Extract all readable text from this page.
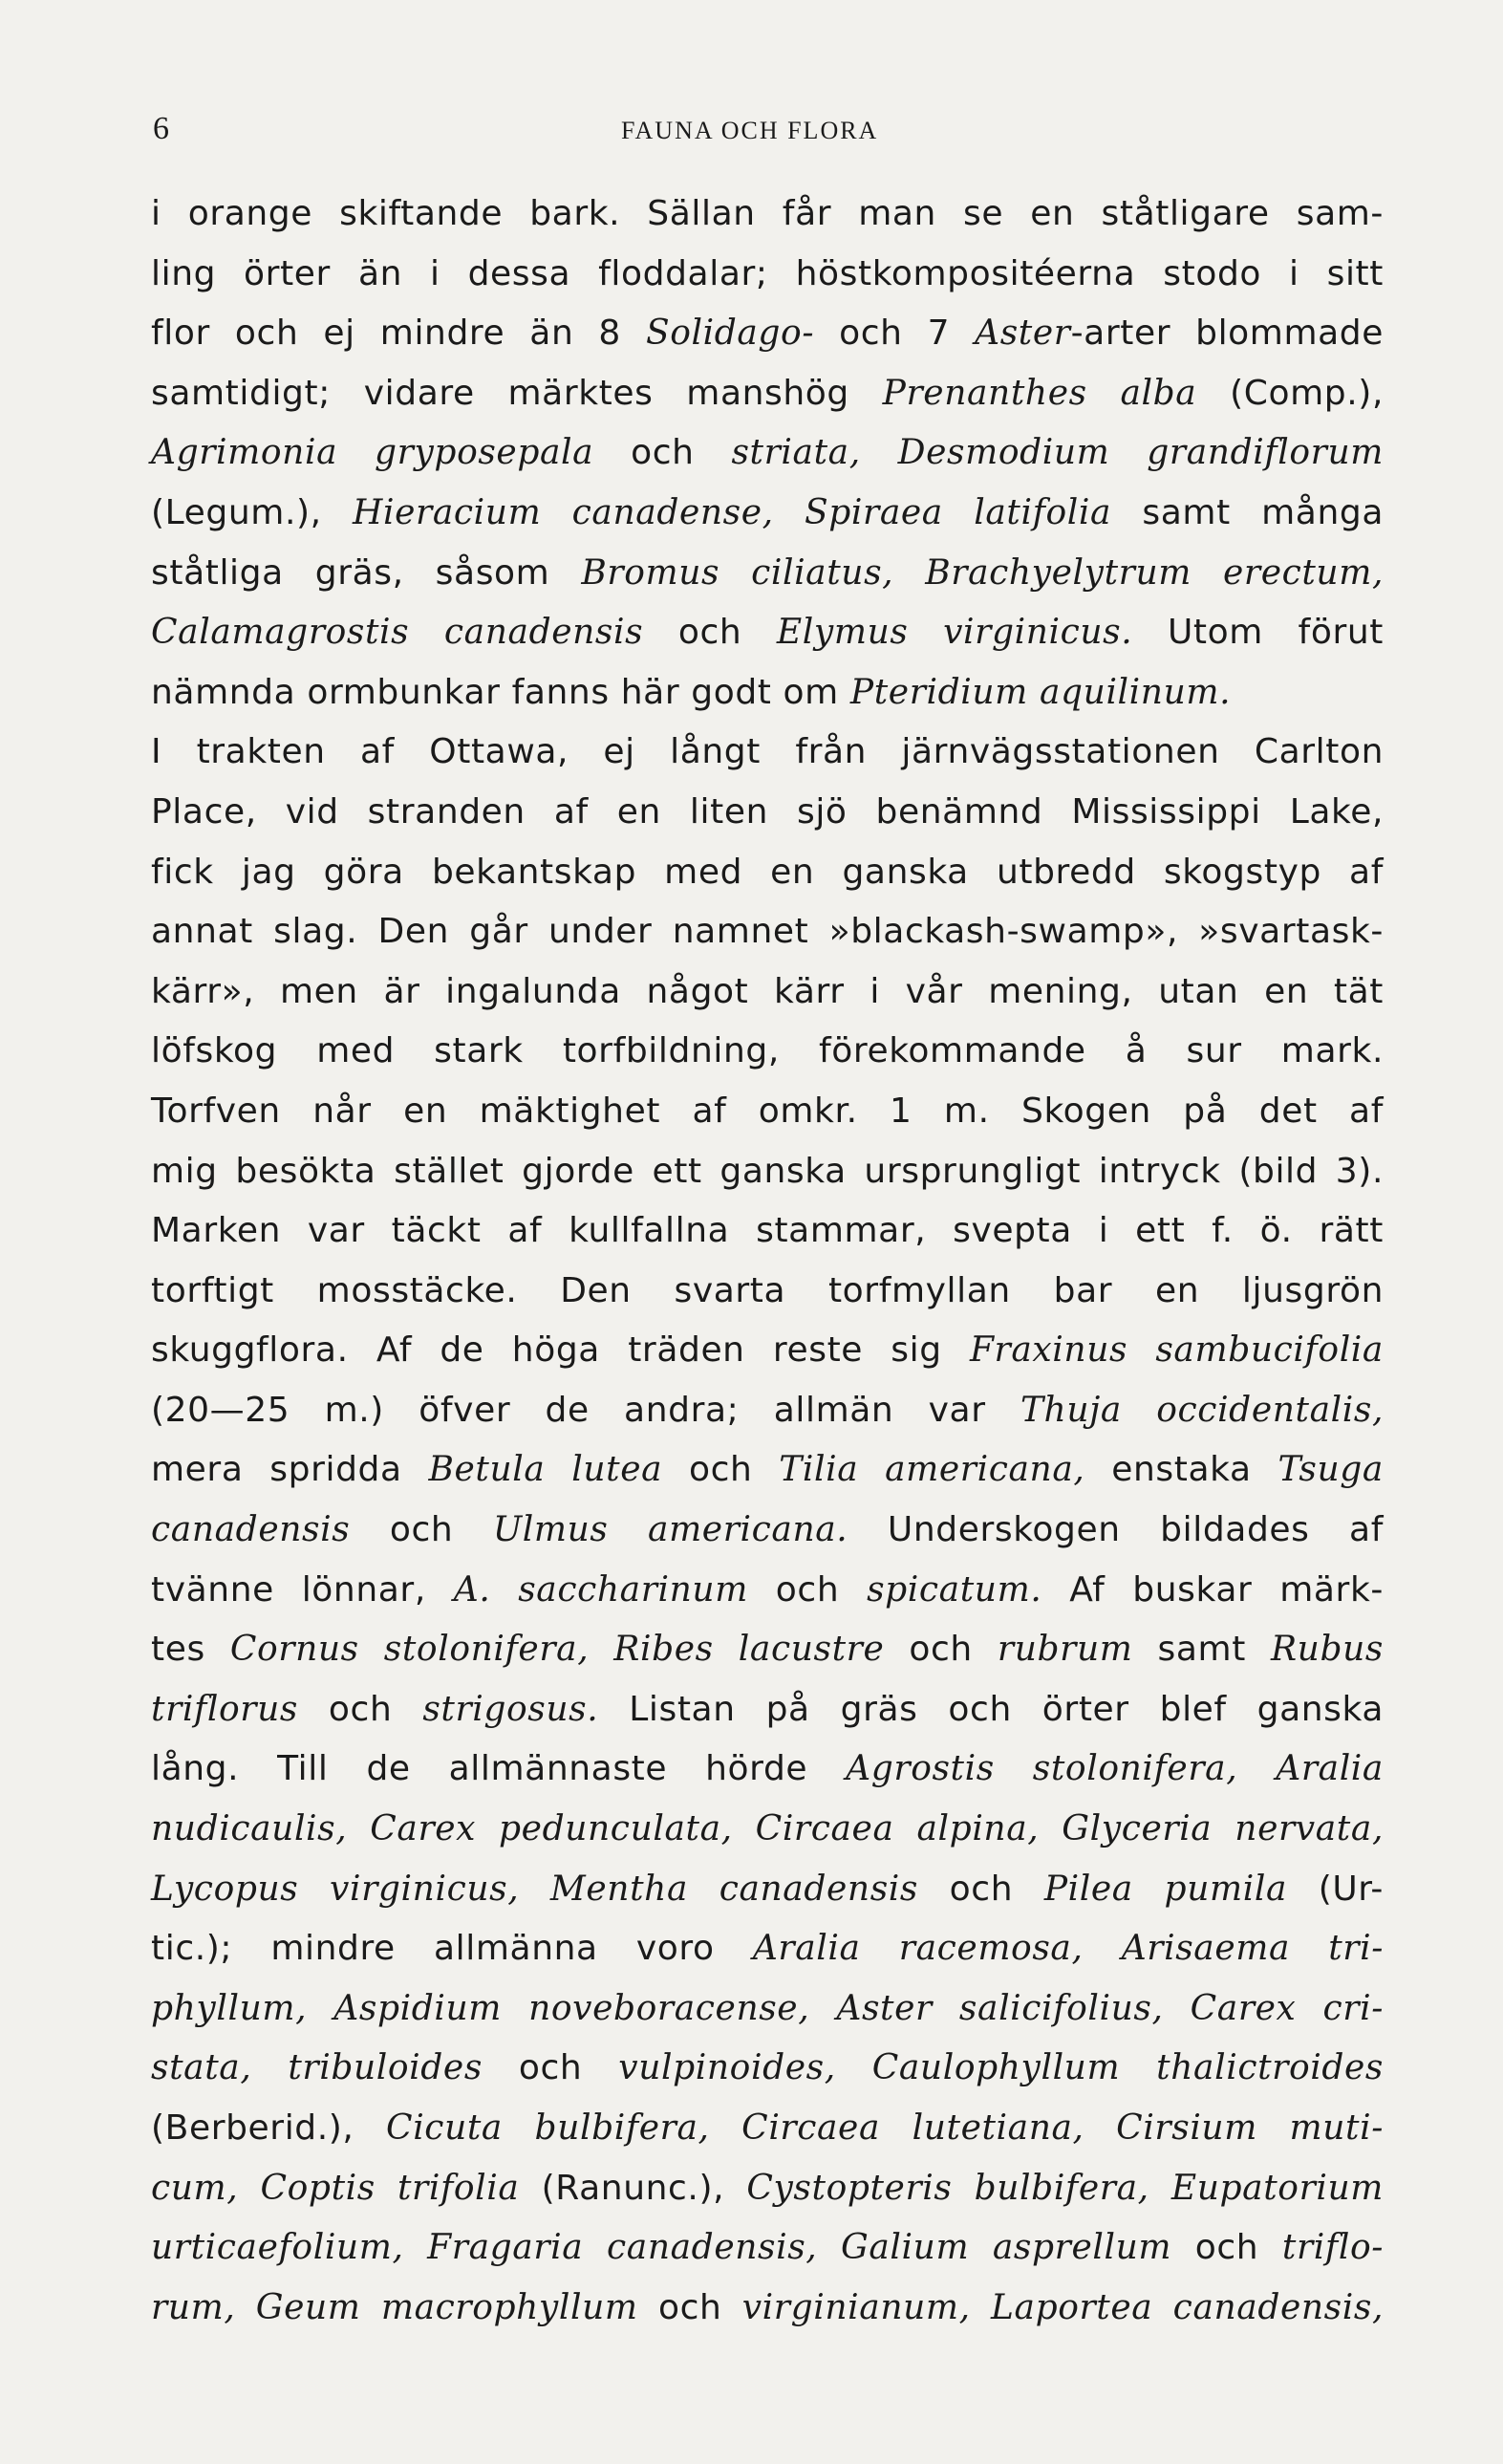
6	FAUNA OCH FLORA
i orange skiftande bark. Sällan får man se en ståtligare sam-
ling örter än i dessa floddalar; höstkompositéerna stodo i sitt
flor och ej mindre än 8 Solidago- och 7 Aster-arter blommade
samtidigt; vidare märktes manshög Prenanthes alba (Comp.),
Agrimonia gryposepala och striata, Desmodium grandiflorum
(Legum.), Hieracium canadense, Spiraea latifolia samt många
ståtliga gräs, såsom Bromus ciliatus, Brachyelytrum erectum,
Calamagrostis canadensis och Elymus virginicus. Utom förut
nämnda ormbunkar fanns här godt om Pteridium aquilinum.
I trakten af Ottawa, ej långt från järnvägsstationen Carlton
Place, vid stranden af en liten sjö benämnd Mississippi Lake,
fick jag göra bekantskap med en ganska utbredd skogstyp af
annat slag. Den går under namnet »blackash-swamp», »svartask-
kärr», men är ingalunda något kärr i vår mening, utan en tät
löfskog med stark torfbildning, förekommande å sur mark.
Torfven når en mäktighet af omkr. 1 m. Skogen på det af
mig besökta stället gjorde ett ganska ursprungligt intryck (bild 3).
Marken var täckt af kullfallna stammar, svepta i ett f. ö. rätt
torftigt mosstäcke. Den svarta torfmyllan bar en ljusgrön
skuggflora. Af de höga träden reste sig Fraxinus sambucifolia
(20—25 m.) öfver de andra; allmän var Thuja occidentalis,
mera spridda Betula lutea och Tilia americana, enstaka Tsuga
canadensis och Ulmus americana. Underskogen bildades af
tvänne lönnar, A. saccharinum och spicatum. Af buskar märk-
tes Cornus stolonifera, Ribes lacustre och rubrum samt Rubus
triflorus och strigosus. Listan på gräs och örter blef ganska
lång. Till de allmännaste hörde Agrostis stolonifera, Aralia
nudicaulis, Carex pedunculata, Circaea alpina, Glyceria nervata,
Lycopus virginicus, Mentha canadensis och Pilea pumila (Ur-
tic.); mindre allmänna voro Aralia racemosa, Arisaema tri-
phyllum, Aspidium noveboracense, Aster salicifolius, Carex cri-
stata, tribuloides och vulpinoides, Caulophyllum thalictroides
(Berberid.), Cicuta bulbifera, Circaea lutetiana, Cirsium muti-
cum, Coptis trifolia (Ranunc.), Cystopteris bulbifera, Eupatorium
urticaefolium, Fragaria canadensis, Galium asprellum och triflo-
rum, Geum macrophyllum och virginianum, Laportea canadensis,
